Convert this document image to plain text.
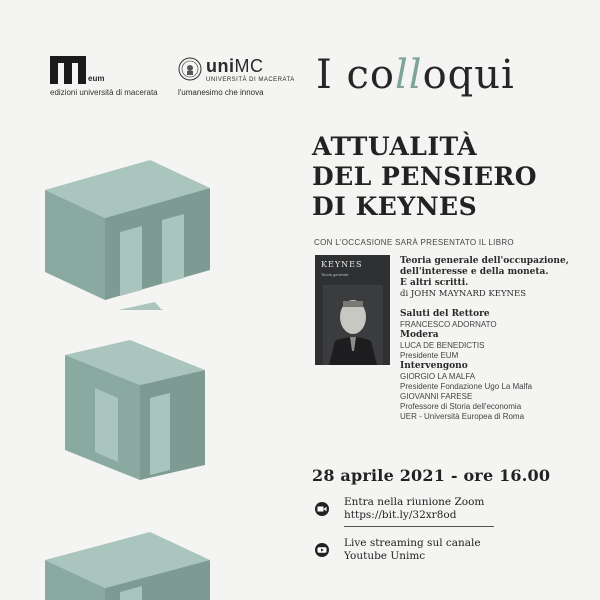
eum
edizioni università di macerata
uniMC
UNIVERSITÀ DI MACERATA
l'umanesimo che innova I colloqui
ATTUALITÀ
DEL PENSIERO
DI KEYNES
CON L'OCCASIONE SARÀ PRESENTATO IL LIBRO
KEYNES
Teoria generale
Teoria generale dell'occupazione,
dell'interesse e della moneta.
E altri scritti.
di JOHN MAYNARD KEYNES
Saluti del Rettore
FRANCESCO ADORNATO
Modera
LUCA DE BENEDICTIS
Presidente EUM
Intervengono
GIORGIO LA MALFA
Presidente Fondazione Ugo La Malfa
GIOVANNI FARESE
Professore di Storia dell'economia
UER - Università Europea di Roma
28 aprile 2021 - ore 16.00
Entra nella riunione Zoom
https://bit.ly/32xr8od
Live streaming sul canale
Youtube Unimc
